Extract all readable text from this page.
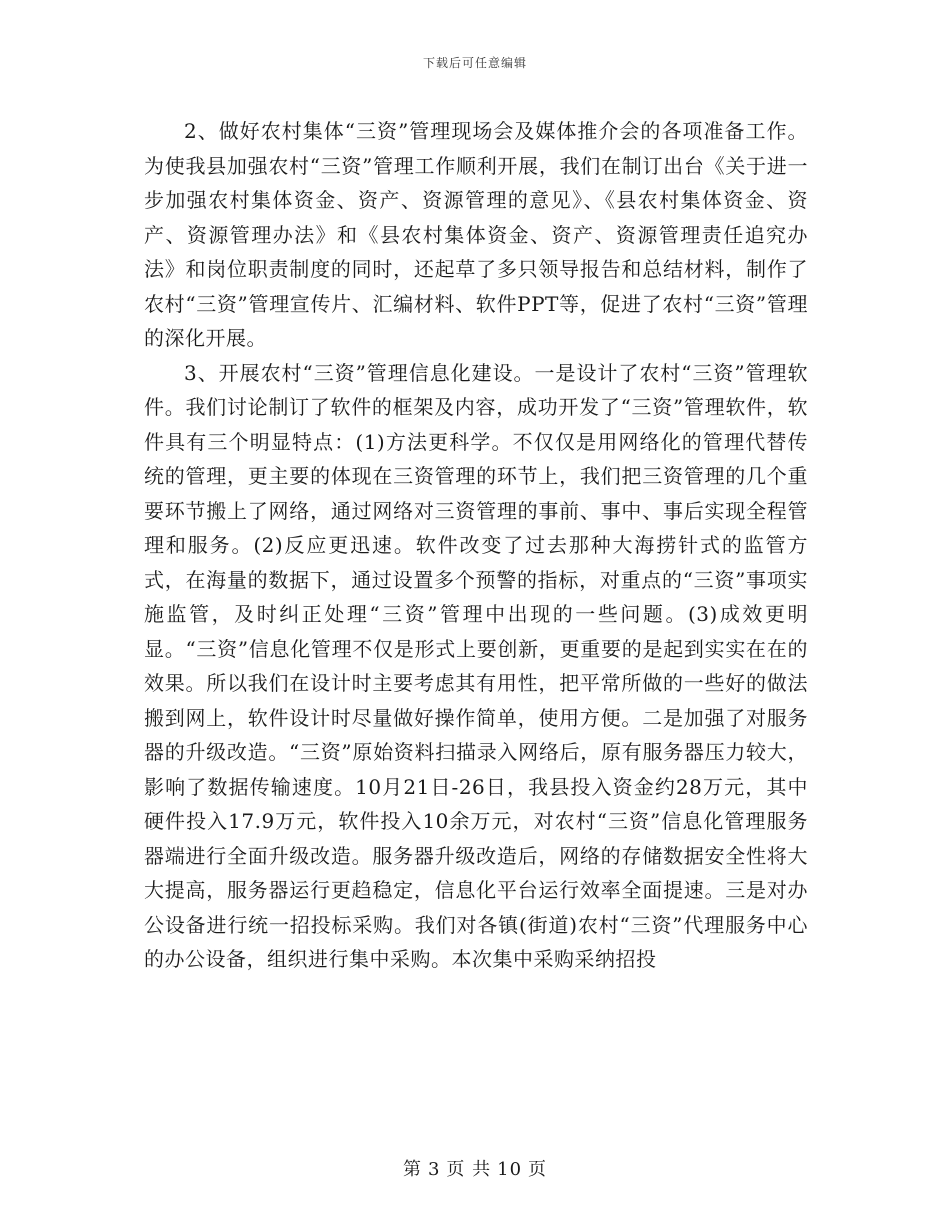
下载后可任意编辑

2、做好农村集体“三资”管理现场会及媒体推介会的各项准备工作。为使我县加强农村“三资”管理工作顺利开展，我们在制订出台《关于进一步加强农村集体资金、资产、资源管理的意见》、《县农村集体资金、资产、资源管理办法》和《县农村集体资金、资产、资源管理责任追究办法》和岗位职责制度的同时，还起草了多只领导报告和总结材料，制作了农村“三资”管理宣传片、汇编材料、软件PPT等，促进了农村“三资”管理的深化开展。

3、开展农村“三资”管理信息化建设。一是设计了农村“三资”管理软件。我们讨论制订了软件的框架及内容，成功开发了“三资”管理软件，软件具有三个明显特点：(1)方法更科学。不仅仅是用网络化的管理代替传统的管理，更主要的体现在三资管理的环节上，我们把三资管理的几个重要环节搬上了网络，通过网络对三资管理的事前、事中、事后实现全程管理和服务。(2)反应更迅速。软件改变了过去那种大海捞针式的监管方式，在海量的数据下，通过设置多个预警的指标，对重点的“三资”事项实施监管，及时纠正处理“三资”管理中出现的一些问题。(3)成效更明显。“三资”信息化管理不仅是形式上要创新，更重要的是起到实实在在的效果。所以我们在设计时主要考虑其有用性，把平常所做的一些好的做法搬到网上，软件设计时尽量做好操作简单，使用方便。二是加强了对服务器的升级改造。“三资”原始资料扫描录入网络后，原有服务器压力较大，影响了数据传输速度。10月21日-26日，我县投入资金约28万元，其中硬件投入17.9万元，软件投入10余万元，对农村“三资”信息化管理服务器端进行全面升级改造。服务器升级改造后，网络的存储数据安全性将大大提高，服务器运行更趋稳定，信息化平台运行效率全面提速。三是对办公设备进行统一招投标采购。我们对各镇(街道)农村“三资”代理服务中心的办公设备，组织进行集中采购。本次集中采购采纳招投

第 3 页 共 10 页
